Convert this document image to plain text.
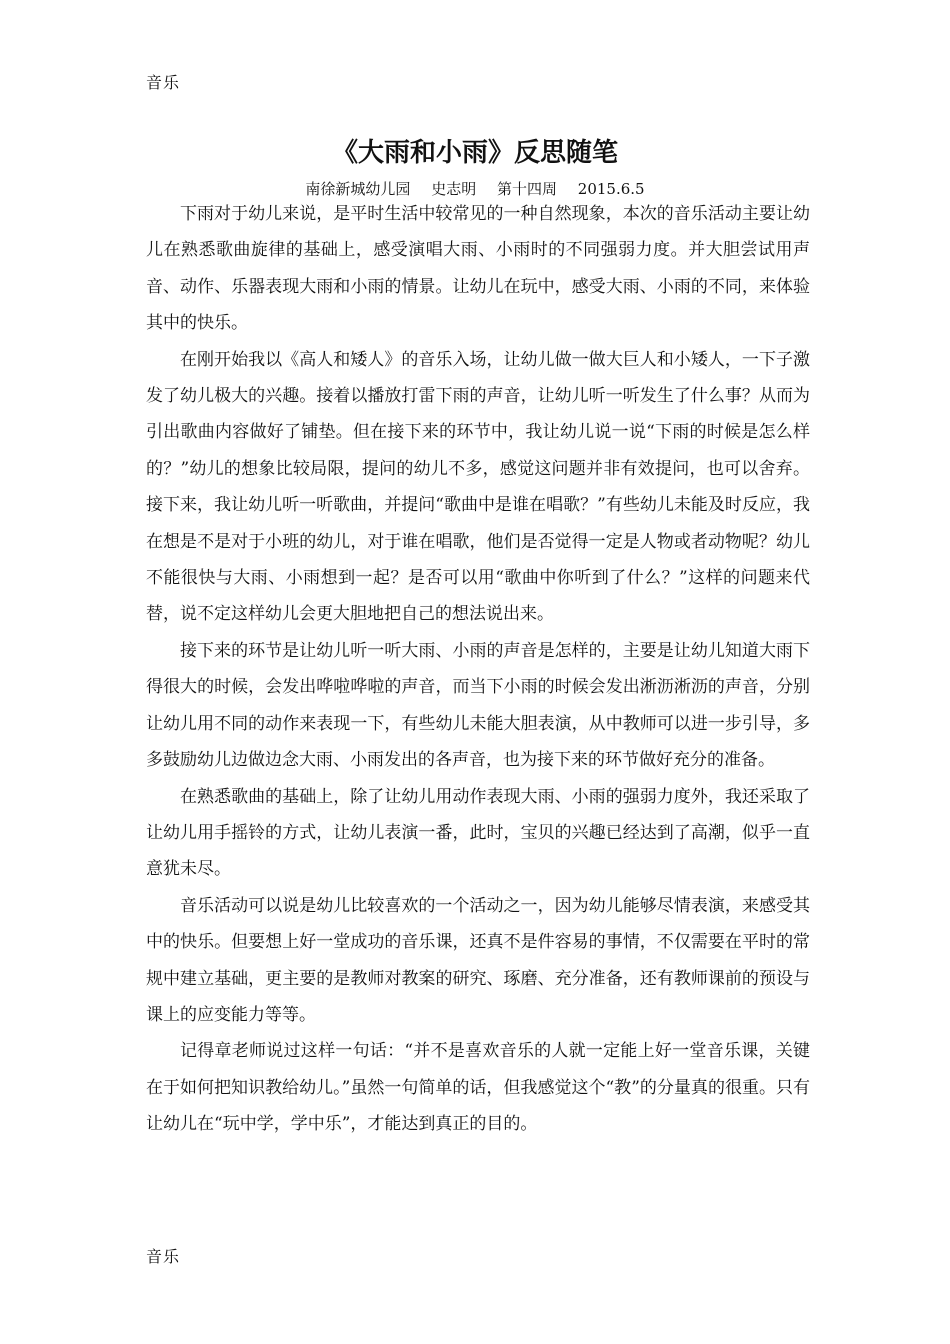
音乐
《大雨和小雨》反思随笔
南徐新城幼儿园 史志明 第十四周 2015.6.5

下雨对于幼儿来说，是平时生活中较常见的一种自然现象，本次的音乐活动主要让幼儿在熟悉歌曲旋律的基础上，感受演唱大雨、小雨时的不同强弱力度。并大胆尝试用声音、动作、乐器表现大雨和小雨的情景。让幼儿在玩中，感受大雨、小雨的不同，来体验其中的快乐。

在刚开始我以《高人和矮人》的音乐入场，让幼儿做一做大巨人和小矮人，一下子激发了幼儿极大的兴趣。接着以播放打雷下雨的声音，让幼儿听一听发生了什么事？从而为引出歌曲内容做好了铺垫。但在接下来的环节中，我让幼儿说一说“下雨的时候是怎么样的？”幼儿的想象比较局限，提问的幼儿不多，感觉这问题并非有效提问，也可以舍弃。接下来，我让幼儿听一听歌曲，并提问“歌曲中是谁在唱歌？”有些幼儿未能及时反应，我在想是不是对于小班的幼儿，对于谁在唱歌，他们是否觉得一定是人物或者动物呢？幼儿不能很快与大雨、小雨想到一起？是否可以用“歌曲中你听到了什么？”这样的问题来代替，说不定这样幼儿会更大胆地把自己的想法说出来。

接下来的环节是让幼儿听一听大雨、小雨的声音是怎样的，主要是让幼儿知道大雨下得很大的时候，会发出哗啦哗啦的声音，而当下小雨的时候会发出淅沥淅沥的声音，分别让幼儿用不同的动作来表现一下，有些幼儿未能大胆表演，从中教师可以进一步引导，多多鼓励幼儿边做边念大雨、小雨发出的各声音，也为接下来的环节做好充分的准备。

在熟悉歌曲的基础上，除了让幼儿用动作表现大雨、小雨的强弱力度外，我还采取了让幼儿用手摇铃的方式，让幼儿表演一番，此时，宝贝的兴趣已经达到了高潮，似乎一直意犹未尽。

音乐活动可以说是幼儿比较喜欢的一个活动之一，因为幼儿能够尽情表演，来感受其中的快乐。但要想上好一堂成功的音乐课，还真不是件容易的事情，不仅需要在平时的常规中建立基础，更主要的是教师对教案的研究、琢磨、充分准备，还有教师课前的预设与课上的应变能力等等。

记得章老师说过这样一句话：“并不是喜欢音乐的人就一定能上好一堂音乐课，关键在于如何把知识教给幼儿。”虽然一句简单的话，但我感觉这个“教”的分量真的很重。只有让幼儿在“玩中学，学中乐”，才能达到真正的目的。

音乐
